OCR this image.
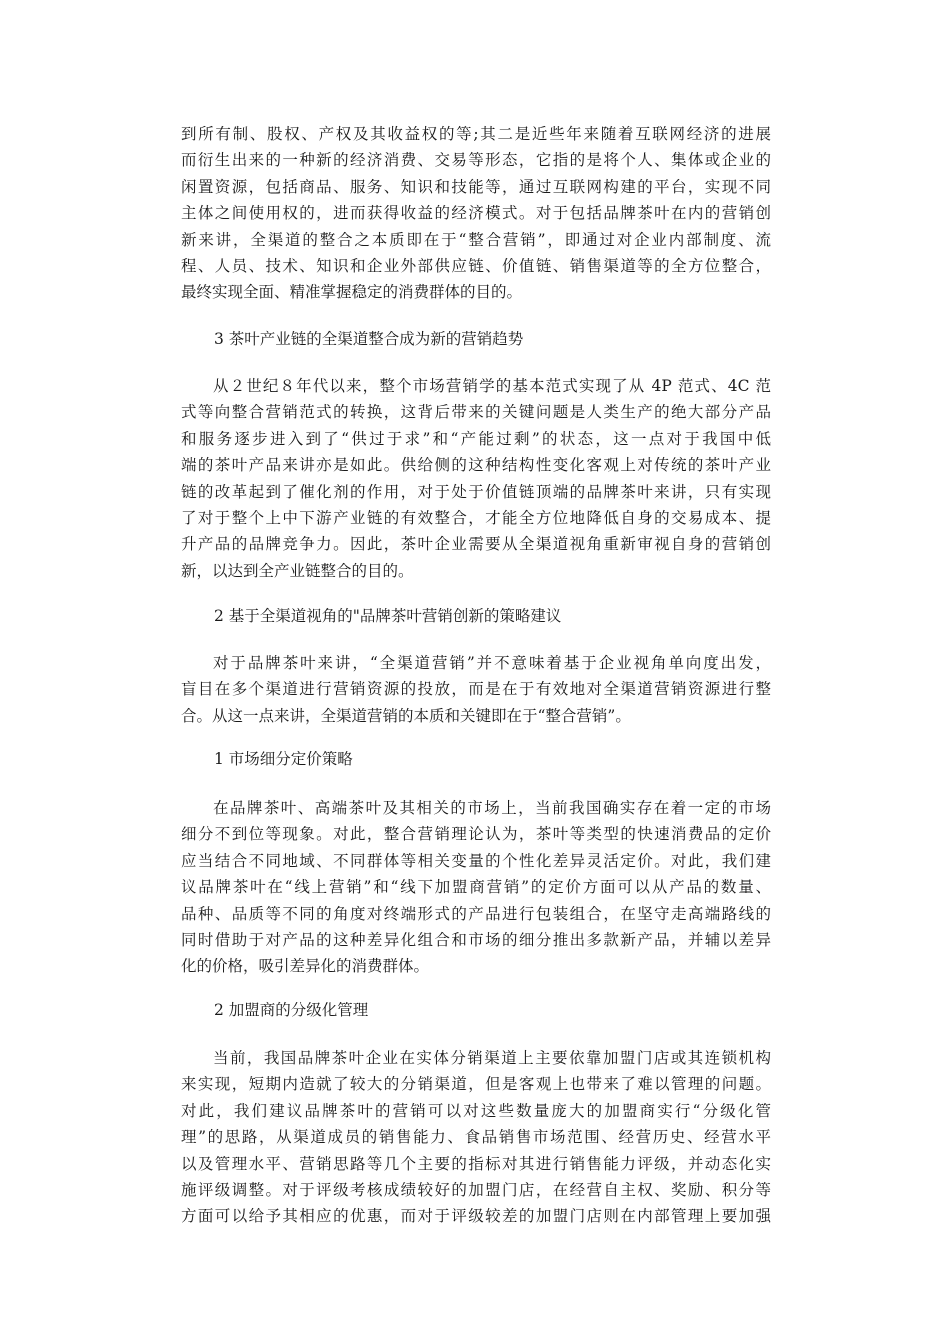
到所有制、股权、产权及其收益权的等;其二是近些年来随着互联网经济的进展
而衍生出来的一种新的经济消费、交易等形态，它指的是将个人、集体或企业的
闲置资源，包括商品、服务、知识和技能等，通过互联网构建的平台，实现不同
主体之间使用权的，进而获得收益的经济模式。对于包括品牌茶叶在内的营销创
新来讲，全渠道的整合之本质即在于“整合营销”，即通过对企业内部制度、流
程、人员、技术、知识和企业外部供应链、价值链、销售渠道等的全方位整合，
最终实现全面、精准掌握稳定的消费群体的目的。
3 茶叶产业链的全渠道整合成为新的营销趋势
从２世纪８年代以来，整个市场营销学的基本范式实现了从 4P 范式、4C 范
式等向整合营销范式的转换，这背后带来的关键问题是人类生产的绝大部分产品
和服务逐步进入到了“供过于求”和“产能过剩”的状态，这一点对于我国中低
端的茶叶产品来讲亦是如此。供给侧的这种结构性变化客观上对传统的茶叶产业
链的改革起到了催化剂的作用，对于处于价值链顶端的品牌茶叶来讲，只有实现
了对于整个上中下游产业链的有效整合，才能全方位地降低自身的交易成本、提
升产品的品牌竞争力。因此，茶叶企业需要从全渠道视角重新审视自身的营销创
新，以达到全产业链整合的目的。
2 基于全渠道视角的"品牌茶叶营销创新的策略建议
对于品牌茶叶来讲，“全渠道营销”并不意味着基于企业视角单向度出发，
盲目在多个渠道进行营销资源的投放，而是在于有效地对全渠道营销资源进行整
合。从这一点来讲，全渠道营销的本质和关键即在于“整合营销”。
1 市场细分定价策略
在品牌茶叶、高端茶叶及其相关的市场上，当前我国确实存在着一定的市场
细分不到位等现象。对此，整合营销理论认为，茶叶等类型的快速消费品的定价
应当结合不同地域、不同群体等相关变量的个性化差异灵活定价。对此，我们建
议品牌茶叶在“线上营销”和“线下加盟商营销”的定价方面可以从产品的数量、
品种、品质等不同的角度对终端形式的产品进行包装组合，在坚守走高端路线的
同时借助于对产品的这种差异化组合和市场的细分推出多款新产品，并辅以差异
化的价格，吸引差异化的消费群体。
2 加盟商的分级化管理
当前，我国品牌茶叶企业在实体分销渠道上主要依靠加盟门店或其连锁机构
来实现，短期内造就了较大的分销渠道，但是客观上也带来了难以管理的问题。
对此，我们建议品牌茶叶的营销可以对这些数量庞大的加盟商实行“分级化管
理”的思路，从渠道成员的销售能力、食品销售市场范围、经营历史、经营水平
以及管理水平、营销思路等几个主要的指标对其进行销售能力评级，并动态化实
施评级调整。对于评级考核成绩较好的加盟门店，在经营自主权、奖励、积分等
方面可以给予其相应的优惠，而对于评级较差的加盟门店则在内部管理上要加强
